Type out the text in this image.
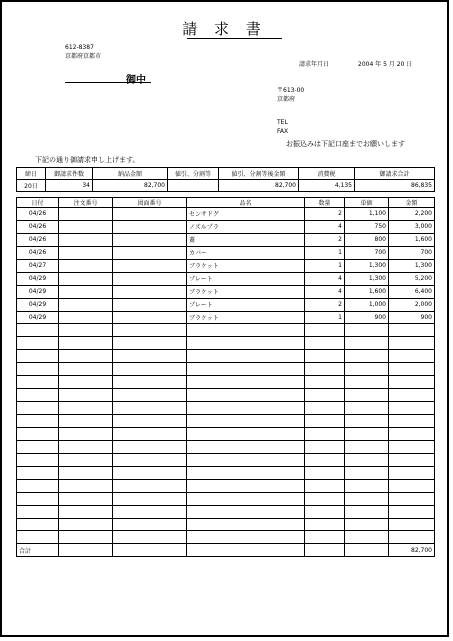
請 求 書
612-8387
京都府京都市
請求年月日	2004 年 5 月 20 日
御中
〒613-00
京都府
TEL
FAX
お振込みは下記口座までお願いします
下記の通り御請求申し上げます。
締日	御請求件数	納品金額	値引、分割等	値引、分割等後金額	消費税	御請求合計
20日	34	82,700		82,700	4,135	86,835
日付	注文番号	図面番号	品名	数量	単価	金額
04/26			センサドグ	2	1,100	2,200
04/26			ノズルプラ	4	750	3,000
04/26			蓋	2	800	1,600
04/26			カバー	1	700	700
04/27			ブラケット	1	1,300	1,300
04/29			プレート	4	1,300	5,200
04/29			ブラケット	4	1,600	6,400
04/29			プレート	2	1,000	2,000
04/29			ブラケット	1	900	900

合計						82,700
